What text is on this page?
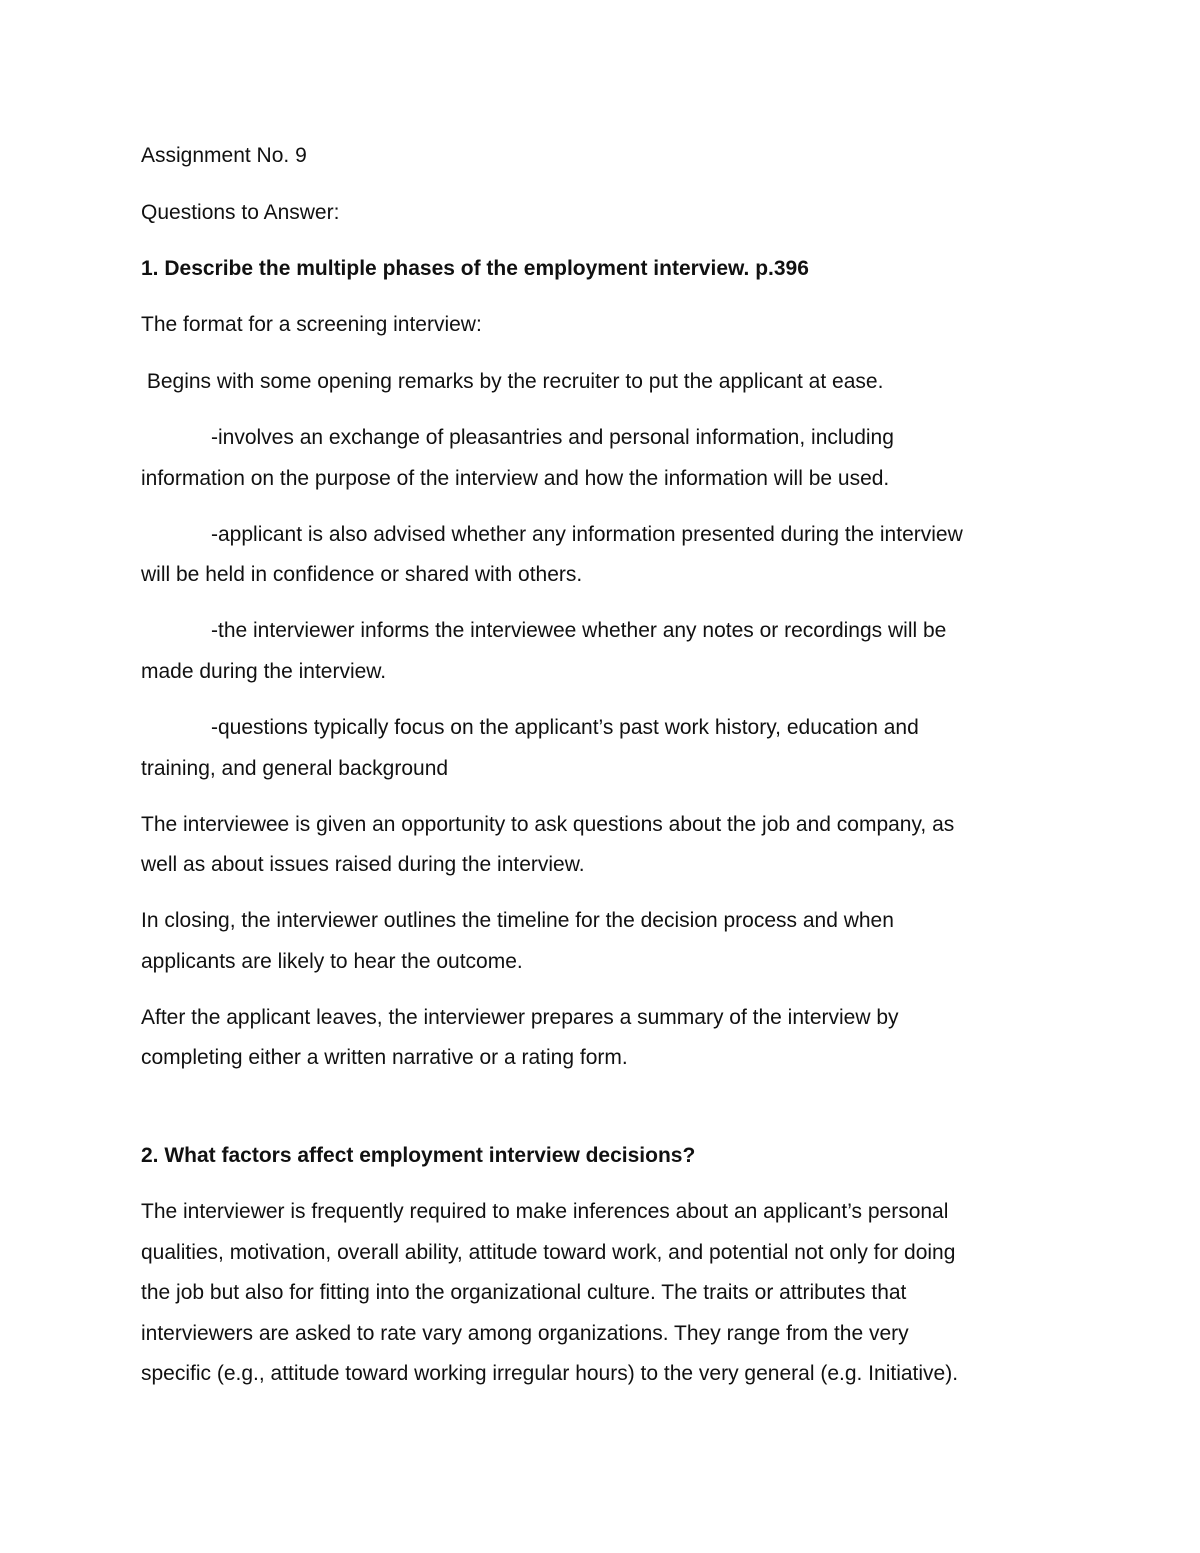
Assignment No. 9
Questions to Answer:
1. Describe the multiple phases of the employment interview. p.396
The format for a screening interview:
Begins with some opening remarks by the recruiter to put the applicant at ease.
-involves an exchange of pleasantries and personal information, including
information on the purpose of the interview and how the information will be used.
-applicant is also advised whether any information presented during the interview
will be held in confidence or shared with others.
-the interviewer informs the interviewee whether any notes or recordings will be
made during the interview.
-questions typically focus on the applicant’s past work history, education and
training, and general background
The interviewee is given an opportunity to ask questions about the job and company, as
well as about issues raised during the interview.
In closing, the interviewer outlines the timeline for the decision process and when
applicants are likely to hear the outcome.
After the applicant leaves, the interviewer prepares a summary of the interview by
completing either a written narrative or a rating form.
2. What factors affect employment interview decisions?
The interviewer is frequently required to make inferences about an applicant’s personal
qualities, motivation, overall ability, attitude toward work, and potential not only for doing
the job but also for fitting into the organizational culture. The traits or attributes that
interviewers are asked to rate vary among organizations. They range from the very
specific (e.g., attitude toward working irregular hours) to the very general (e.g. Initiative).
